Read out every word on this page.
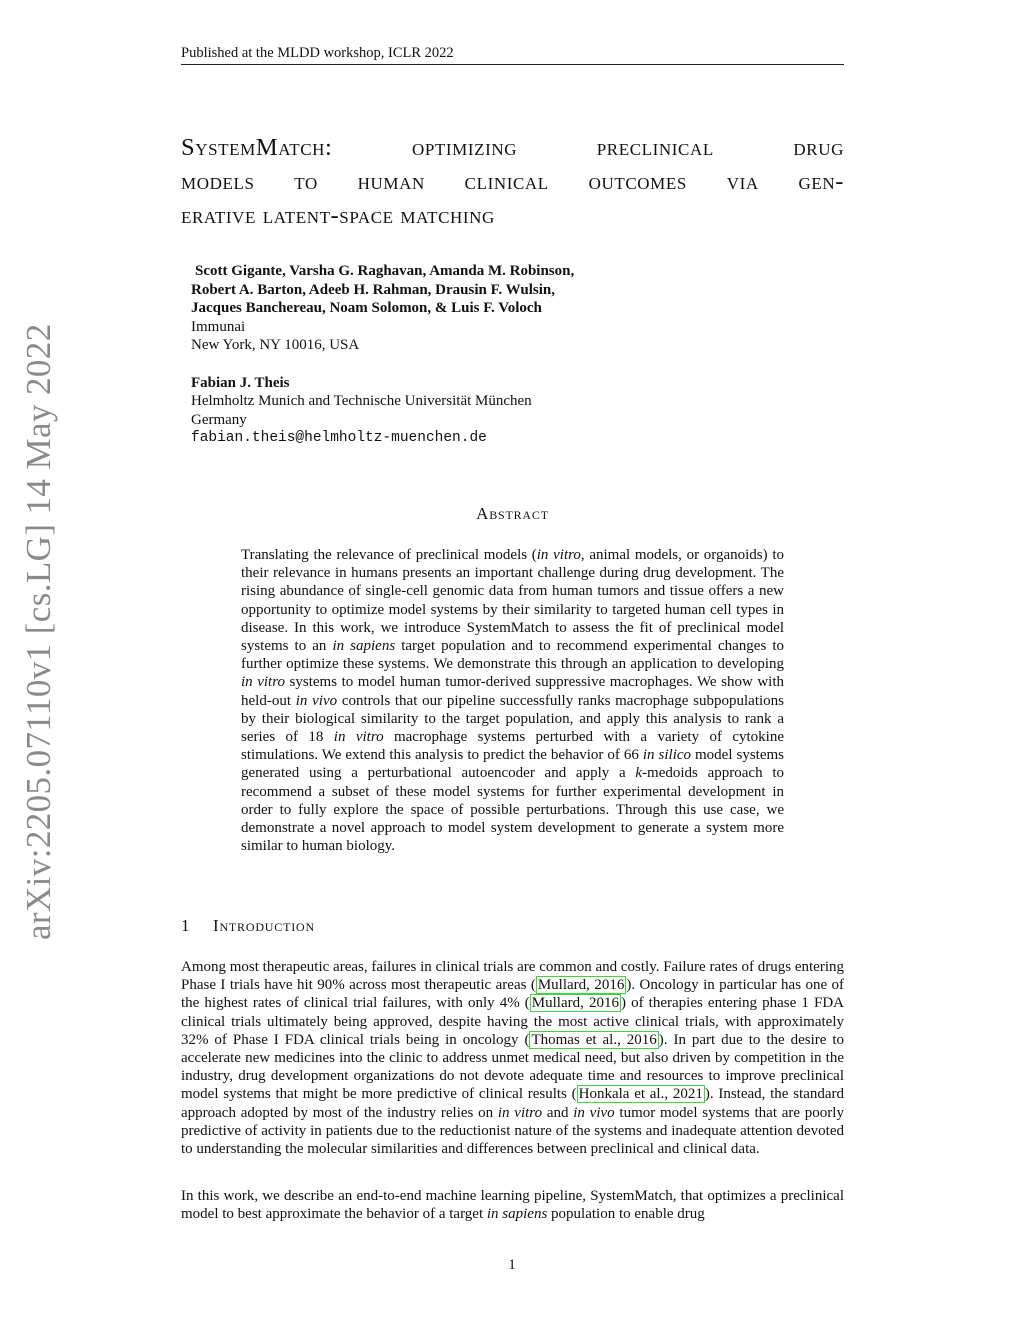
Published at the MLDD workshop, ICLR 2022
arXiv:2205.07110v1 [cs.LG] 14 May 2022
SystemMatch: optimizing preclinical drug
models to human clinical outcomes via gen-
erative latent-space matching
Scott Gigante, Varsha G. Raghavan, Amanda M. Robinson,
Robert A. Barton, Adeeb H. Rahman, Drausin F. Wulsin,
Jacques Banchereau, Noam Solomon, & Luis F. Voloch
Immunai
New York, NY 10016, USA
Fabian J. Theis
Helmholtz Munich and Technische Universität München
Germany
fabian.theis@helmholtz-muenchen.de
Abstract

Translating the relevance of preclinical models (in vitro, animal models, or organoids) to their relevance in humans presents an important challenge during drug development. The rising abundance of single-cell genomic data from human tumors and tissue offers a new opportunity to optimize model systems by their similarity to targeted human cell types in disease. In this work, we introduce SystemMatch to assess the fit of preclinical model systems to an in sapiens target population and to recommend experimental changes to further optimize these systems. We demonstrate this through an application to developing in vitro systems to model human tumor-derived suppressive macrophages. We show with held-out in vivo controls that our pipeline successfully ranks macrophage subpopulations by their biological similarity to the target population, and apply this analysis to rank a series of 18 in vitro macrophage systems perturbed with a variety of cytokine stimulations. We extend this analysis to predict the behavior of 66 in silico model systems generated using a perturbational autoencoder and apply a k-medoids approach to recommend a subset of these model systems for further experimental development in order to fully explore the space of possible perturbations. Through this use case, we demonstrate a novel approach to model system development to generate a system more similar to human biology.

1 Introduction

Among most therapeutic areas, failures in clinical trials are common and costly. Failure rates of drugs entering Phase I trials have hit 90% across most therapeutic areas ( Mullard, 2016 ). Oncology in particular has one of the highest rates of clinical trial failures, with only 4% ( Mullard, 2016 ) of therapies entering phase 1 FDA clinical trials ultimately being approved, despite having the most active clinical trials, with approximately 32% of Phase I FDA clinical trials being in oncology ( Thomas et al., 2016 ). In part due to the desire to accelerate new medicines into the clinic to address unmet medical need, but also driven by competition in the industry, drug development organizations do not devote adequate time and resources to improve preclinical model systems that might be more predictive of clinical results ( Honkala et al., 2021 ). Instead, the standard approach adopted by most of the industry relies on in vitro and in vivo tumor model systems that are poorly predictive of activity in patients due to the reductionist nature of the systems and inadequate attention devoted to understanding the molecular similarities and differences between preclinical and clinical data.

In this work, we describe an end-to-end machine learning pipeline, SystemMatch, that optimizes a preclinical model to best approximate the behavior of a target in sapiens population to enable drug

1
